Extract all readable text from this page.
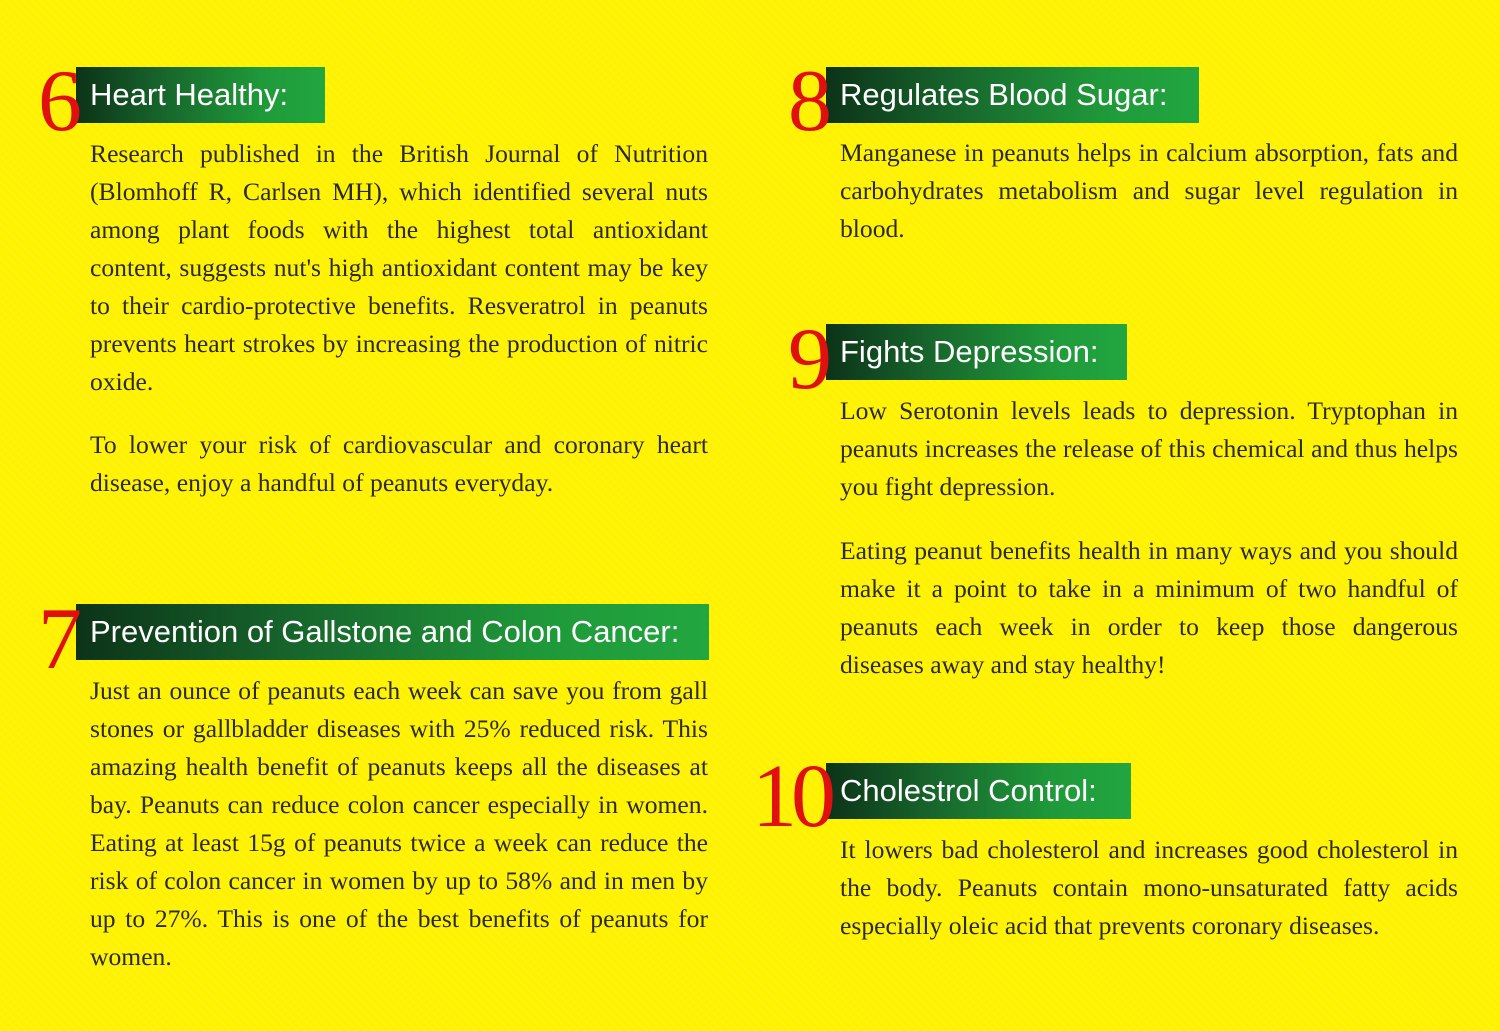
Heart Healthy:
6

Research published in the British Journal of Nutrition (Blomhoff R, Carlsen MH), which identified several nuts among plant foods with the highest total antioxidant content, suggests nut's high antioxidant content may be key to their cardio-protective benefits. Resveratrol in peanuts prevents heart strokes by increasing the production of nitric oxide.

To lower your risk of cardiovascular and coronary heart disease, enjoy a handful of peanuts everyday.

Prevention of Gallstone and Colon Cancer:
7

Just an ounce of peanuts each week can save you from gall stones or gallbladder diseases with 25% reduced risk. This amazing health benefit of peanuts keeps all the diseases at bay. Peanuts can reduce colon cancer especially in women. Eating at least 15g of peanuts twice a week can reduce the risk of colon cancer in women by up to 58% and in men by up to 27%. This is one of the best benefits of peanuts for women.

Regulates Blood Sugar:
8

Manganese in peanuts helps in calcium absorption, fats and carbohydrates metabolism and sugar level regulation in blood.

Fights Depression:
9

Low Serotonin levels leads to depression. Tryptophan in peanuts increases the release of this chemical and thus helps you fight depression.

Eating peanut benefits health in many ways and you should make it a point to take in a minimum of two handful of peanuts each week in order to keep those dangerous diseases away and stay healthy!

Cholestrol Control:
10

It lowers bad cholesterol and increases good cholesterol in the body. Peanuts contain mono-unsaturated fatty acids especially oleic acid that prevents coronary diseases.
